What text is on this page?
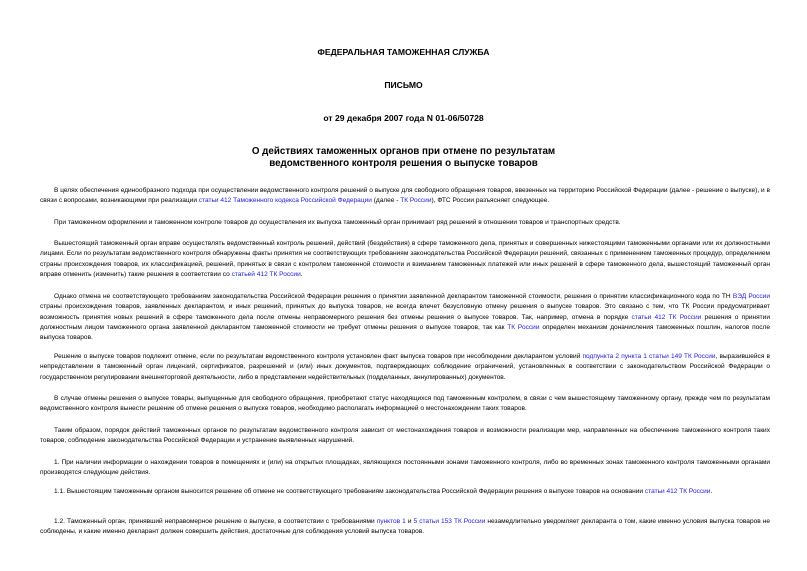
ФЕДЕРАЛЬНАЯ ТАМОЖЕННАЯ СЛУЖБА
ПИСЬМО
от 29 декабря 2007 года N 01-06/50728
О действиях таможенных органов при отмене по результатам
ведомственного контроля решения о выпуске товаров
В целях обеспечения единообразного подхода при осуществлении ведомственного контроля решений о выпуске для свободного обращения товаров, ввезенных на территорию Российской Федерации (далее - решение о выпуске), и в связи с вопросами, возникающими при реализации статьи 412 Таможенного кодекса Российской Федерации (далее - ТК России), ФТС России разъясняет следующее.
При таможенном оформлении и таможенном контроле товаров до осуществления их выпуска таможенный орган принимает ряд решений в отношении товаров и транспортных средств.
Вышестоящий таможенный орган вправе осуществлять ведомственный контроль решений, действий (бездействия) в сфере таможенного дела, принятых и совершенных нижестоящими таможенными органами или их должностными лицами. Если по результатам ведомственного контроля обнаружены факты принятия не соответствующих требованиям законодательства Российской Федерации решений, связанных с применением таможенных процедур, определением страны происхождения товаров, их классификацией, решений, принятых в связи с контролем таможенной стоимости и взиманием таможенных платежей или иных решений в сфере таможенного дела, вышестоящий таможенный орган вправе отменить (изменить) такие решения в соответствии со статьей 412 ТК России.
Однако отмена не соответствующего требованиям законодательства Российской Федерации решения о принятии заявленной декларантом таможенной стоимости, решения о принятии классификационного кода по ТН ВЭД России страны происхождения товаров, заявленных декларантом, и иных решений, принятых до выпуска товаров, не всегда влечет безусловную отмену решения о выпуске товаров. Это связано с тем, что ТК России предусматривает возможность принятия новых решений в сфере таможенного дела после отмены неправомерного решения без отмены решения о выпуске товаров. Так, например, отмена в порядке статьи 412 ТК России решения о принятии должностным лицом таможенного органа заявленной декларантом таможенной стоимости не требует отмены решения о выпуске товаров, так как ТК России определен механизм доначисления таможенных пошлин, налогов после выпуска товаров.
Решение о выпуске товаров подлежит отмене, если по результатам ведомственного контроля установлен факт выпуска товаров при несоблюдении декларантом условий подпункта 2 пункта 1 статьи 149 ТК России, выразившейся в непредставлении в таможенный орган лицензий, сертификатов, разрешений и (или) иных документов, подтверждающих соблюдение ограничений, установленных в соответствии с законодательством Российской Федерации о государственном регулировании внешнеторговой деятельности, либо в представлении недействительных (подделанных, аннулированных) документов.
В случае отмены решения о выпуске товары, выпущенные для свободного обращения, приобретают статус находящихся под таможенным контролем, в связи с чем вышестоящему таможенному органу, прежде чем по результатам ведомственного контроля вынести решение об отмене решения о выпуске товаров, необходимо располагать информацией о местонахождении таких товаров.
Таким образом, порядок действий таможенных органов по результатам ведомственного контроля зависит от местонахождения товаров и возможности реализации мер, направленных на обеспечение таможенного контроля таких товаров, соблюдение законодательства Российской Федерации и устранение выявленных нарушений.
1. При наличии информации о нахождении товаров в помещениях и (или) на открытых площадках, являющихся постоянными зонами таможенного контроля, либо во временных зонах таможенного контроля таможенными органами производятся следующие действия.
1.1. Вышестоящим таможенным органом выносится решение об отмене не соответствующего требованиям законодательства Российской Федерации решения о выпуске товаров на основании статьи 412 ТК России.
1.2. Таможенный орган, принявший неправомерное решение о выпуске, в соответствии с требованиями пунктов 1 и 5 статьи 153 ТК России незамедлительно уведомляет декларанта о том, какие именно условия выпуска товаров не соблюдены, и какие именно декларант должен совершить действия, достаточные для соблюдения условий выпуска товаров.
